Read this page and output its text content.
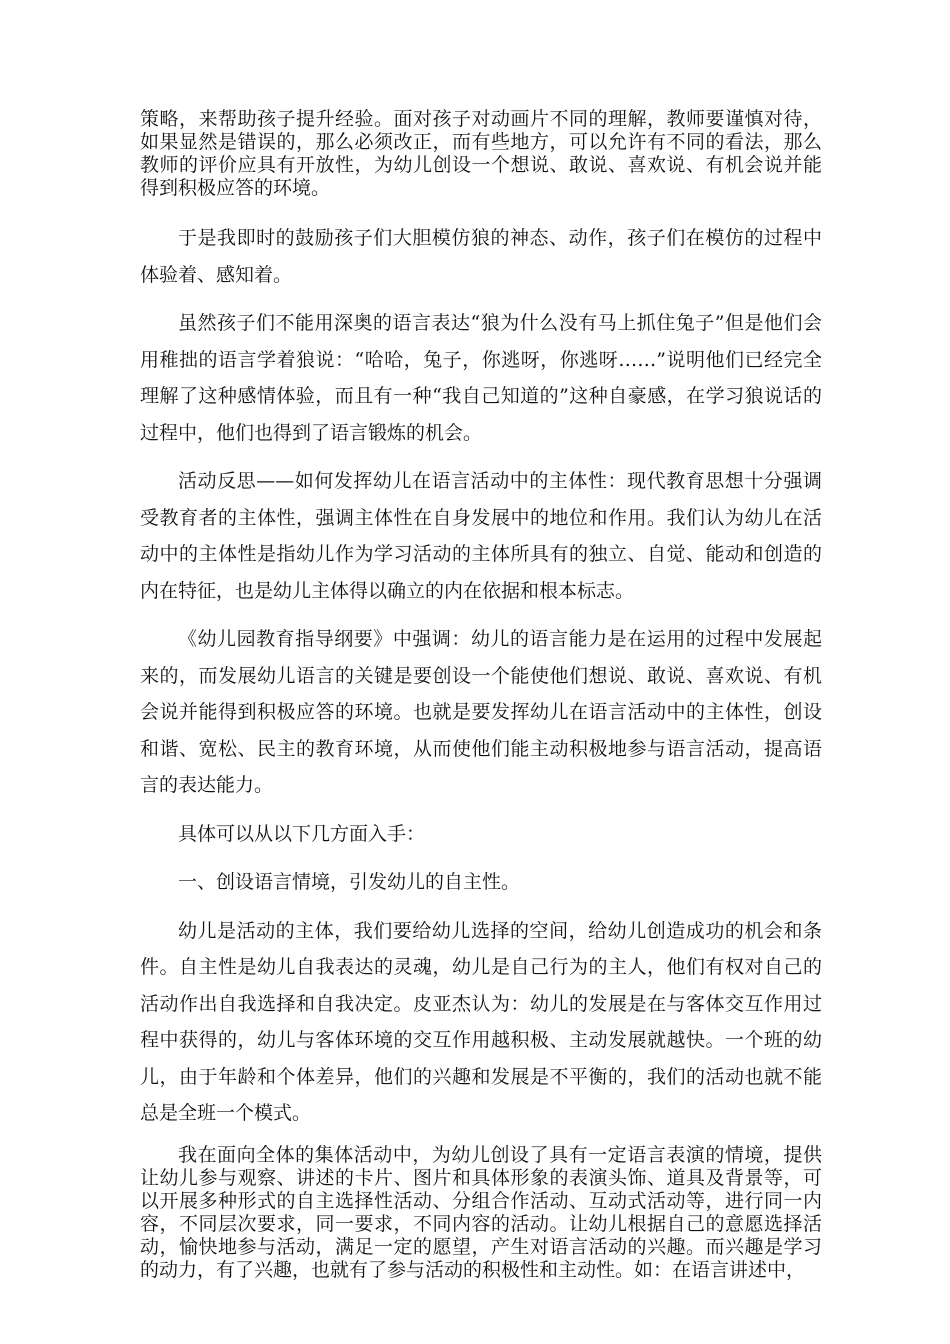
策略，来帮助孩子提升经验。面对孩子对动画片不同的理解，教师要谨慎对待，如果显然是错误的，那么必须改正，而有些地方，可以允许有不同的看法，那么教师的评价应具有开放性，为幼儿创设一个想说、敢说、喜欢说、有机会说并能得到积极应答的环境。

于是我即时的鼓励孩子们大胆模仿狼的神态、动作，孩子们在模仿的过程中体验着、感知着。

虽然孩子们不能用深奥的语言表达“狼为什么没有马上抓住兔子”但是他们会用稚拙的语言学着狼说：“哈哈，兔子，你逃呀，你逃呀……”说明他们已经完全理解了这种感情体验，而且有一种“我自己知道的”这种自豪感，在学习狼说话的过程中，他们也得到了语言锻炼的机会。

活动反思——如何发挥幼儿在语言活动中的主体性：现代教育思想十分强调受教育者的主体性，强调主体性在自身发展中的地位和作用。我们认为幼儿在活动中的主体性是指幼儿作为学习活动的主体所具有的独立、自觉、能动和创造的内在特征，也是幼儿主体得以确立的内在依据和根本标志。

《幼儿园教育指导纲要》中强调：幼儿的语言能力是在运用的过程中发展起来的，而发展幼儿语言的关键是要创设一个能使他们想说、敢说、喜欢说、有机会说并能得到积极应答的环境。也就是要发挥幼儿在语言活动中的主体性，创设和谐、宽松、民主的教育环境，从而使他们能主动积极地参与语言活动，提高语言的表达能力。

具体可以从以下几方面入手：

一、创设语言情境，引发幼儿的自主性。

幼儿是活动的主体，我们要给幼儿选择的空间，给幼儿创造成功的机会和条件。自主性是幼儿自我表达的灵魂，幼儿是自己行为的主人，他们有权对自己的活动作出自我选择和自我决定。皮亚杰认为：幼儿的发展是在与客体交互作用过程中获得的，幼儿与客体环境的交互作用越积极、主动发展就越快。一个班的幼儿，由于年龄和个体差异，他们的兴趣和发展是不平衡的，我们的活动也就不能总是全班一个模式。

我在面向全体的集体活动中，为幼儿创设了具有一定语言表演的情境，提供让幼儿参与观察、讲述的卡片、图片和具体形象的表演头饰、道具及背景等，可以开展多种形式的自主选择性活动、分组合作活动、互动式活动等，进行同一内容，不同层次要求，同一要求，不同内容的活动。让幼儿根据自己的意愿选择活动，愉快地参与活动，满足一定的愿望，产生对语言活动的兴趣。而兴趣是学习的动力，有了兴趣，也就有了参与活动的积极性和主动性。如：在语言讲述中，
